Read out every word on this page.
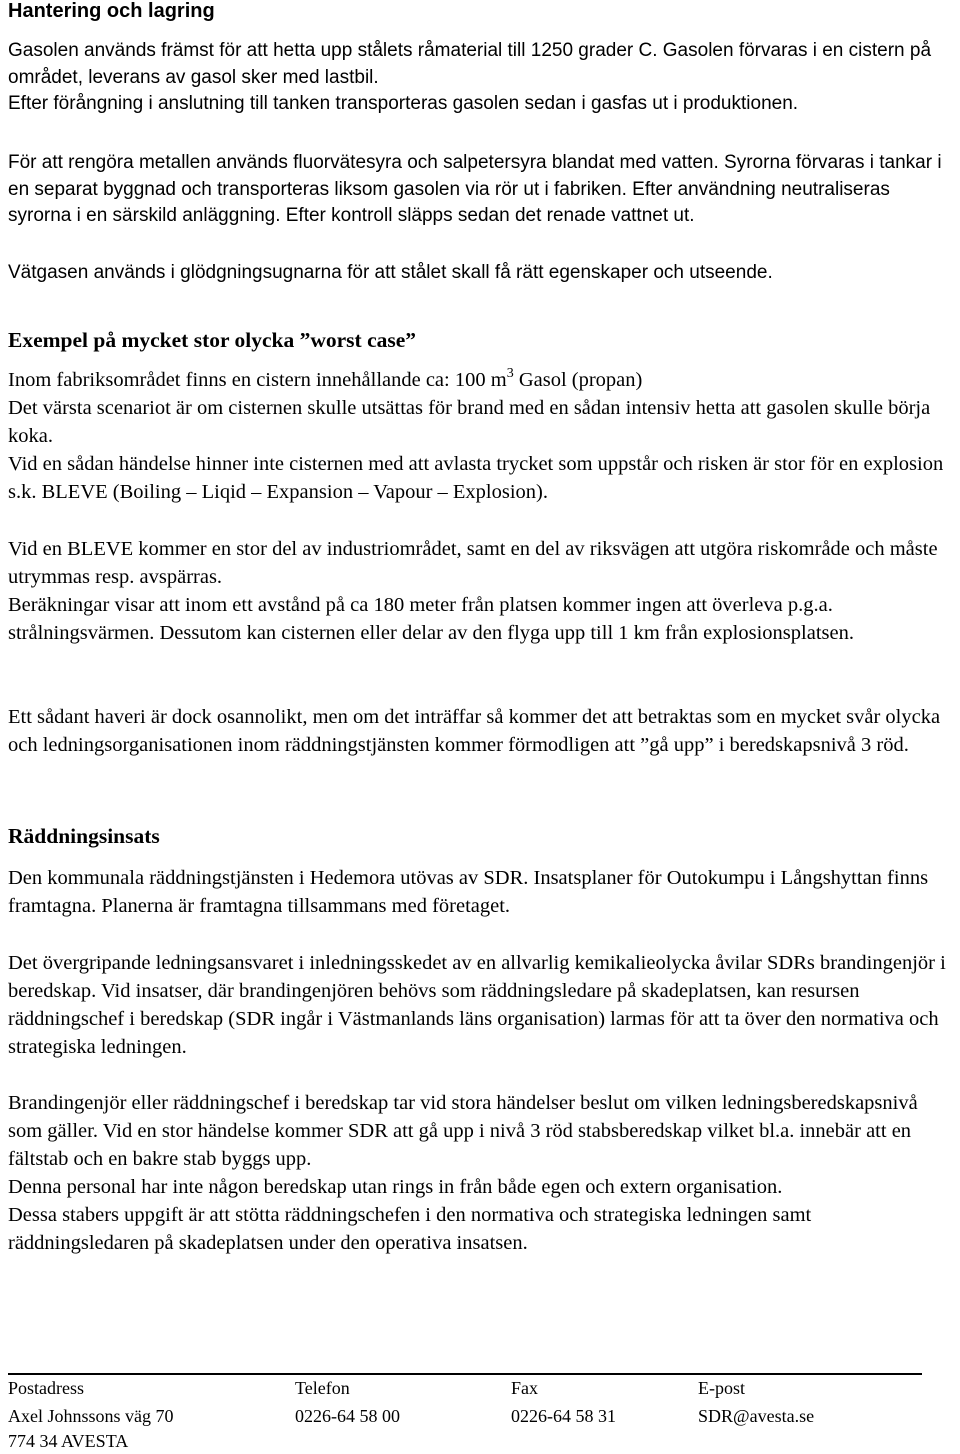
Hantering och lagring

Gasolen används främst för att hetta upp stålets råmaterial till 1250 grader C. Gasolen förvaras i en cistern på området, leverans av gasol sker med lastbil.

Efter förångning i anslutning till tanken transporteras gasolen sedan i gasfas ut i produktionen.

För att rengöra metallen används fluorvätesyra och salpetersyra blandat med vatten. Syrorna förvaras i tankar i en separat byggnad och transporteras liksom gasolen via rör ut i fabriken. Efter användning neutraliseras syrorna i en särskild anläggning. Efter kontroll släpps sedan det renade vattnet ut.
Vätgasen används i glödgningsugnarna för att stålet skall få rätt egenskaper och utseende.
Exempel på mycket stor olycka ”worst case”

Inom fabriksområdet finns en cistern innehållande ca: 100 $m^3$ Gasol (propan)

Det värsta scenariot är om cisternen skulle utsättas för brand med en sådan intensiv hetta att gasolen skulle börja koka.

Vid en sådan händelse hinner inte cisternen med att avlasta trycket som uppstår och risken är stor för en explosion s.k. BLEVE (Boiling – Liqid – Expansion – Vapour – Explosion).

Vid en BLEVE kommer en stor del av industriområdet, samt en del av riksvägen att utgöra riskområde och måste utrymmas resp. avspärras.

Beräkningar visar att inom ett avstånd på ca 180 meter från platsen kommer ingen att överleva p.g.a. strålningsvärmen. Dessutom kan cisternen eller delar av den flyga upp till 1 km från explosionsplatsen.

Ett sådant haveri är dock osannolikt, men om det inträffar så kommer det att betraktas som en mycket svår olycka och ledningsorganisationen inom räddningstjänsten kommer förmodligen att ”gå upp” i beredskapsnivå 3 röd.
Räddningsinsats
Den kommunala räddningstjänsten i Hedemora utövas av SDR. Insatsplaner för Outokumpu i Långshyttan finns framtagna. Planerna är framtagna tillsammans med företaget.
Det övergripande ledningsansvaret i inledningsskedet av en allvarlig kemikalieolycka åvilar SDRs brandingenjör i beredskap. Vid insatser, där brandingenjören behövs som räddningsledare på skadeplatsen, kan resursen räddningschef i beredskap (SDR ingår i Västmanlands läns organisation) larmas för att ta över den normativa och strategiska ledningen.

Brandingenjör eller räddningschef i beredskap tar vid stora händelser beslut om vilken ledningsberedskapsnivå som gäller. Vid en stor händelse kommer SDR att gå upp i nivå 3 röd stabsberedskap vilket bl.a. innebär att en fältstab och en bakre stab byggs upp.

Denna personal har inte någon beredskap utan rings in från både egen och extern organisation.

Dessa stabers uppgift är att stötta räddningschefen i den normativa och strategiska ledningen samt räddningsledaren på skadeplatsen under den operativa insatsen.

Postadress
Axel Johnssons väg 70
774 34 AVESTA
Telefon
0226-64 58 00
Fax
0226-64 58 31
E-post
SDR@avesta.se
